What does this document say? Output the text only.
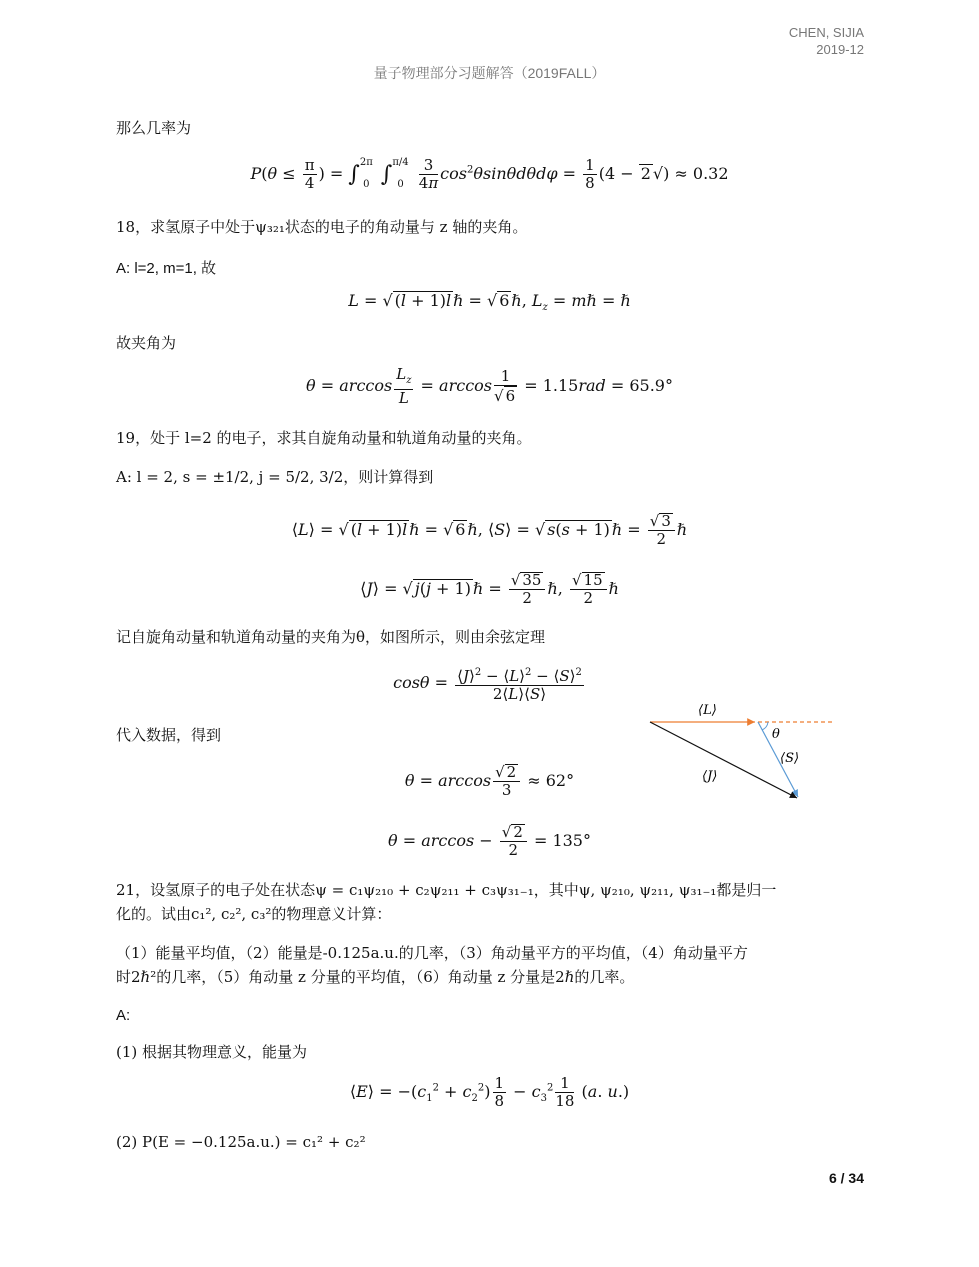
CHEN, SIJIA
2019-12
量子物理部分习题解答（2019FALL）
那么几率为
$P(\theta \le \frac{\pi}{4}$ ) = ∫ 2π
0 ∫ π/4
0
	$\frac{3}{4\pi} \cos^2\theta\sin\theta d\theta d\varphi = \frac{1}{8} (4 - 2$ √) ≈ 0.32
18，求氢原子中处于ψ₃₂₁状态的电子的角动量与 z 轴的夹角。
A: l=2, m=1, 故
L = √ (l + 1)l ℏ = √ 6 ℏ, $L_z$ = mℏ = ℏ
故夹角为
$\theta = \arccos \frac{L_z}{L} = \arccos \frac{1}{√ 6} = 1.15rad = 65.9^\circ$
19，处于 l=2 的电子，求其自旋角动量和轨道角动量的夹角。
A: l = 2, s = ±1/2, j = 5/2, 3/2，则计算得到
⟨L⟩ = √ (l + 1)l ℏ = √ 6 ℏ, ⟨S⟩ = √ s(s + 1) ℏ = $\frac{√ 3}{2}$ ℏ
⟨J⟩ = √ j(j + 1) ℏ = $\frac{√ 35}{2}$ ℏ, $\frac{√ 15}{2}$ ℏ
记自旋角动量和轨道角动量的夹角为θ，如图所示，则由余弦定理
$\cos\theta = \frac{⟨J⟩^2 - ⟨L⟩^2 - ⟨S⟩^2}{2⟨L⟩⟨S⟩}$
代入数据，得到
$\theta = \arccos \frac{√ 2}{3} \approx 62^\circ$
$\theta = \arccos - \frac{√ 2}{2} = 135^\circ$
⟨L⟩
θ
⟨S⟩
⟨J⟩
21，设氢原子的电子处在状态ψ = c₁ψ₂₁₀ + c₂ψ₂₁₁ + c₃ψ₃₁₋₁，其中ψ, ψ₂₁₀, ψ₂₁₁, ψ₃₁₋₁都是归一
化的。试由c₁², c₂², c₃²的物理意义计算：
（1）能量平均值，（2）能量是-0.125a.u.的几率，（3）角动量平方的平均值，（4）角动量平方
时2ℏ²的几率，（5）角动量 z 分量的平均值，（6）角动量 z 分量是2ℏ的几率。
A:
(1) 根据其物理意义，能量为
⟨E⟩ = $-(c_1^2 + c_2^2) \frac{1}{8} - c_3^2 \frac{1}{18} (a$. u.)
(2) P(E = −0.125a.u.) = c₁² + c₂²
6 / 34
